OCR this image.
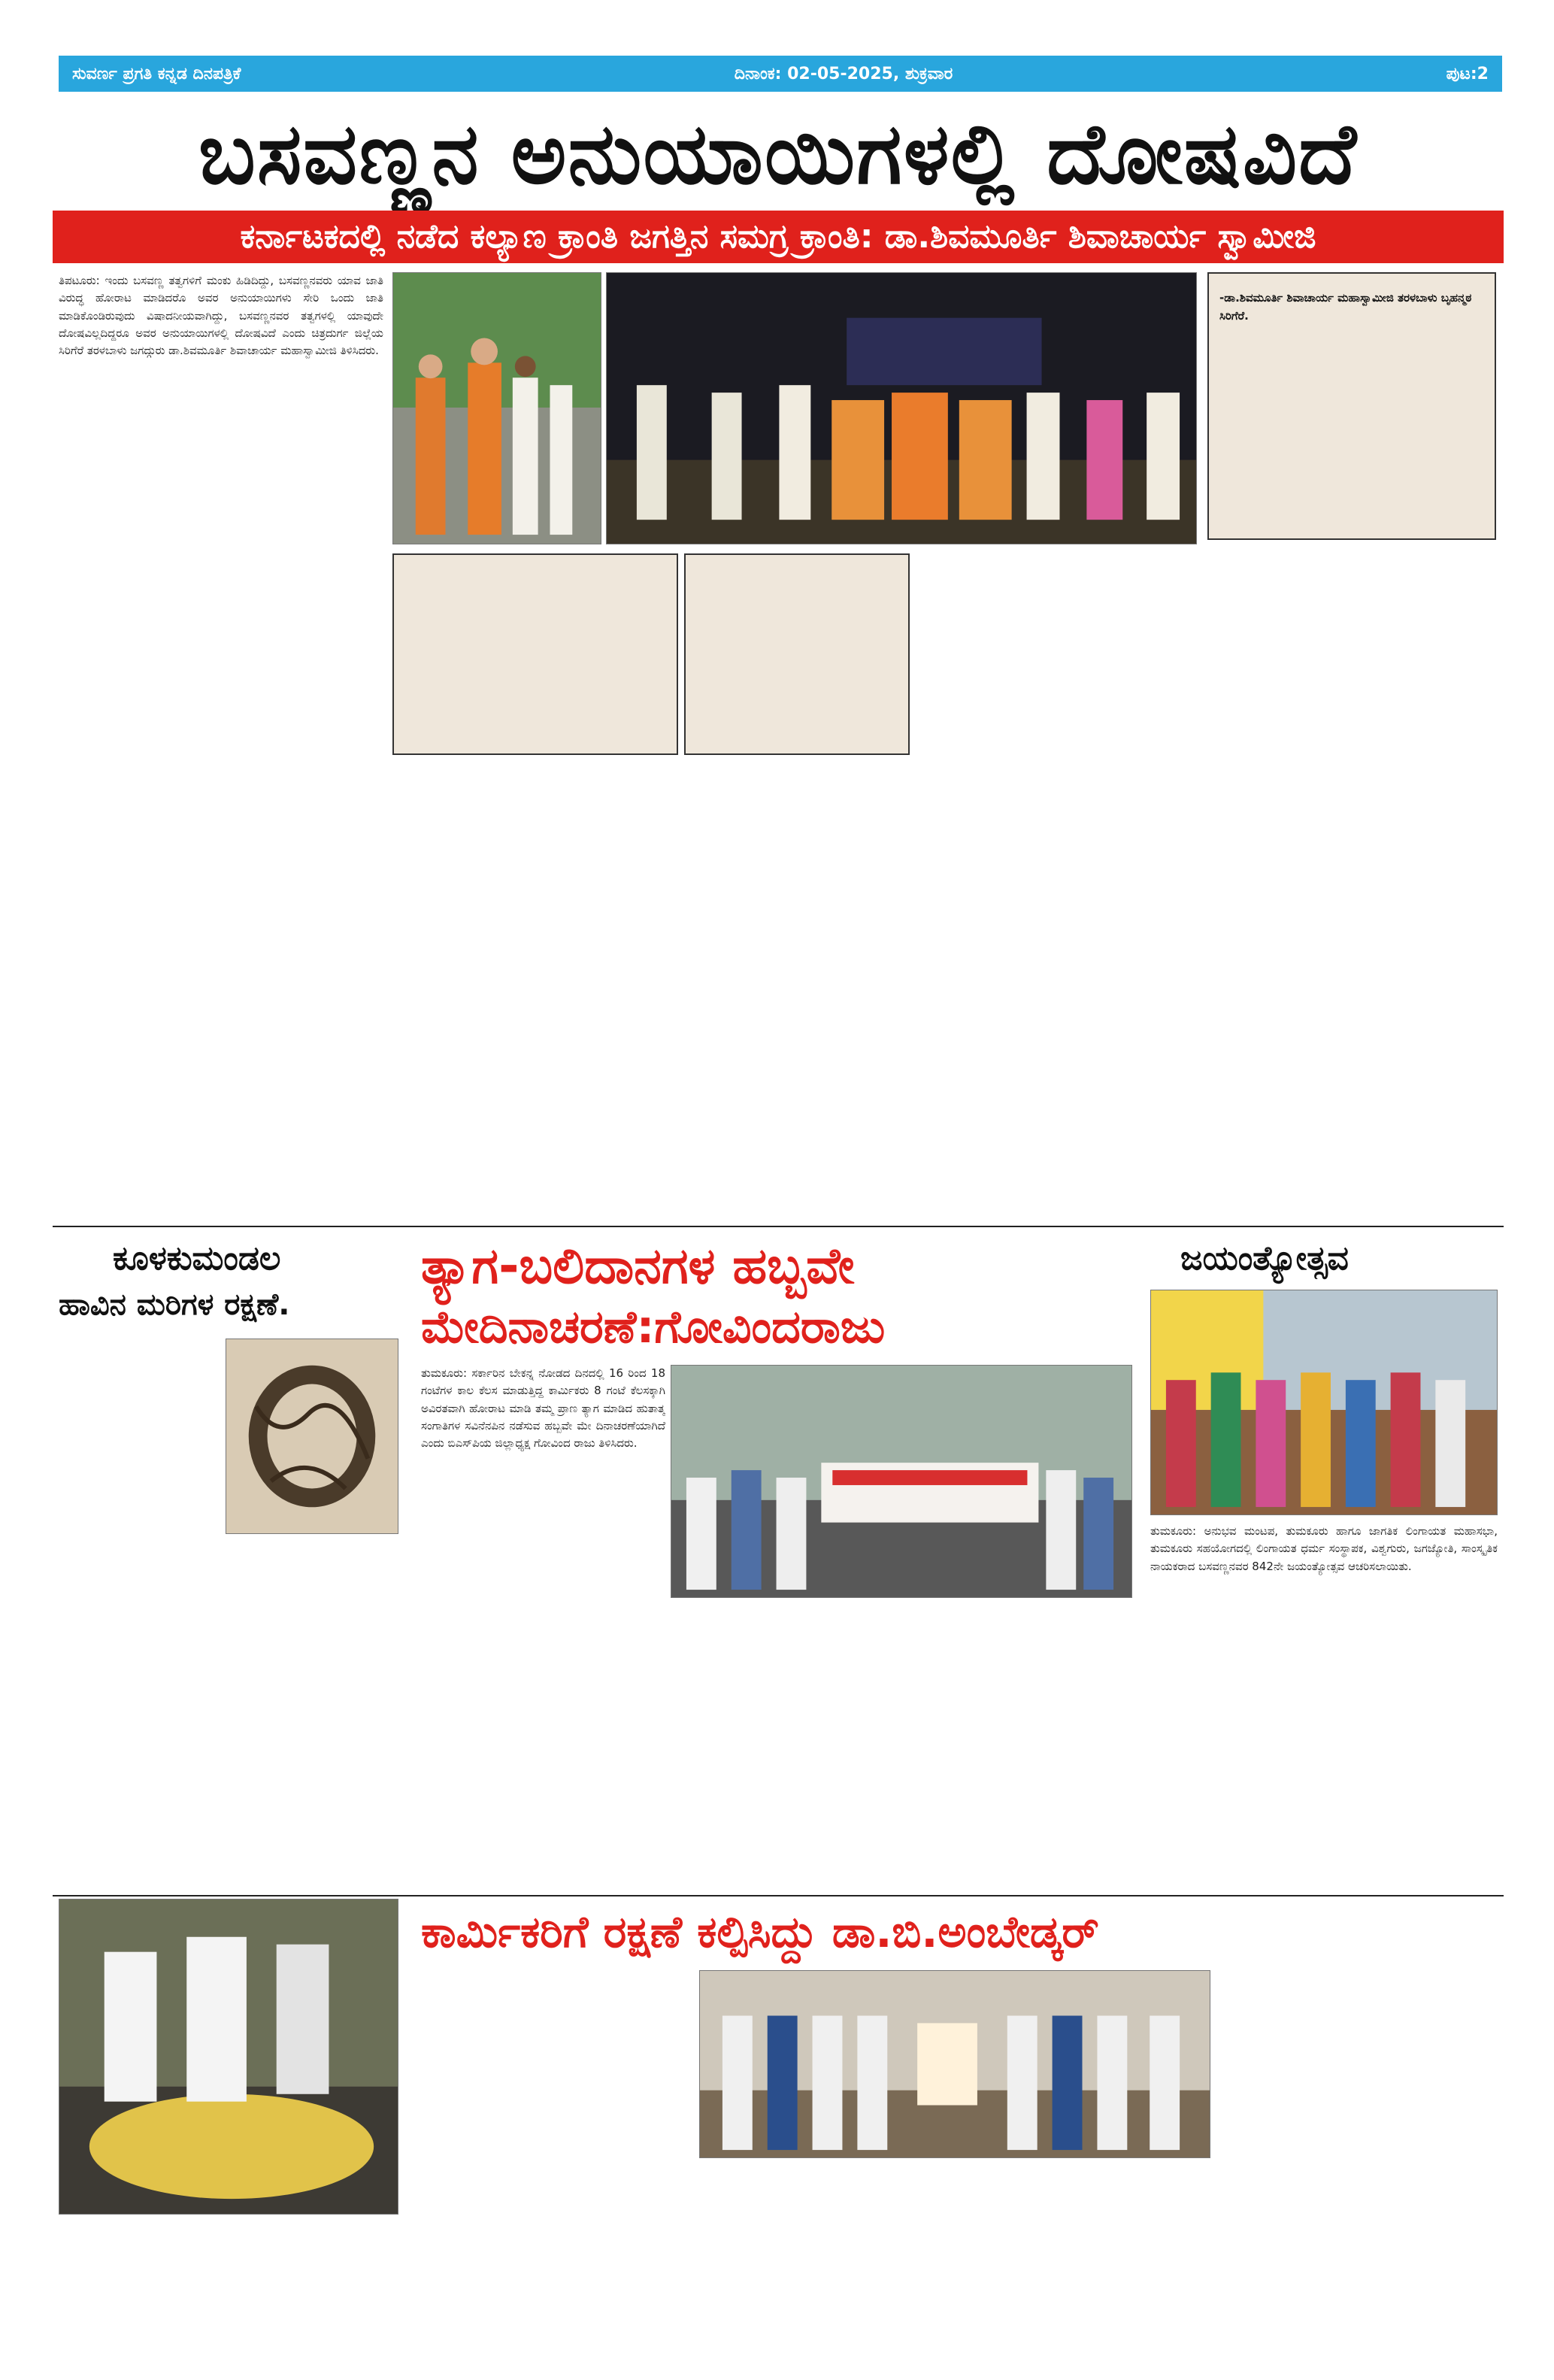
ಸುವರ್ಣ ಪ್ರಗತಿ ಕನ್ನಡ ದಿನಪತ್ರಿಕೆ	ದಿನಾಂಕ: 02-05-2025, ಶುಕ್ರವಾರ	ಪುಟ:2
ಬಸವಣ್ಣನ ಅನುಯಾಯಿಗಳಲ್ಲಿ ದೋಷವಿದೆ
ಕರ್ನಾಟಕದಲ್ಲಿ ನಡೆದ ಕಲ್ಯಾಣ ಕ್ರಾಂತಿ ಜಗತ್ತಿನ ಸಮಗ್ರ ಕ್ರಾಂತಿ: ಡಾ.ಶಿವಮೂರ್ತಿ ಶಿವಾಚಾರ್ಯ ಸ್ವಾಮೀಜಿ

ತಿಪಟೂರು: ಇಂದು ಬಸವಣ್ಣ ತತ್ವಗಳಿಗೆ ಮಂಕು ಹಿಡಿದಿದ್ದು, ಬಸವಣ್ಣನವರು ಯಾವ ಜಾತಿ ವಿರುದ್ಧ ಹೋರಾಟ ಮಾಡಿದರೊ ಅವರ ಅನುಯಾಯಿಗಳು ಸೇರಿ ಒಂದು ಜಾತಿ ಮಾಡಿಕೊಂಡಿರುವುದು ವಿಷಾದನೀಯವಾಗಿದ್ದು, ಬಸವಣ್ಣನವರ ತತ್ವಗಳಲ್ಲಿ ಯಾವುದೇ ದೋಷವಿಲ್ಲದಿದ್ದರೂ ಅವರ ಅನುಯಾಯಿಗಳಲ್ಲಿ ದೋಷವಿದೆ ಎಂದು ಚಿತ್ರದುರ್ಗ ಜಿಲ್ಲೆಯ ಸಿರಿಗೆರೆ ತರಳಬಾಳು ಜಗದ್ಗುರು ಡಾ.ಶಿವಮೂರ್ತಿ ಶಿವಾಚಾರ್ಯ ಮಹಾಸ್ವಾಮೀಜಿ ತಿಳಿಸಿದರು.

-ಡಾ.ಶಿವಮೂರ್ತಿ ಶಿವಾಚಾರ್ಯ ಮಹಾಸ್ವಾಮೀಜಿ ತರಳಬಾಳು ಬೃಹನ್ಮಠ ಸಿರಿಗೆರೆ.

ಕೂಳಕುಮಂಡಲ
ಹಾವಿನ ಮರಿಗಳ ರಕ್ಷಣೆ.

ತ್ಯಾಗ-ಬಲಿದಾನಗಳ ಹಬ್ಬವೇ
ಮೇದಿನಾಚರಣೆ:ಗೋವಿಂದರಾಜು

ತುಮಕೂರು: ಸರ್ಕಾರಿನ ಬೇಕನ್ನ ನೋಡದ ದಿನದಲ್ಲಿ 16 ರಿಂದ 18 ಗಂಟೆಗಳ ಕಾಲ ಕೆಲಸ ಮಾಡುತ್ತಿದ್ದ ಕಾರ್ಮಿಕರು 8 ಗಂಟೆ ಕೆಲಸಕ್ಕಾಗಿ ಅವಿರತವಾಗಿ ಹೋರಾಟ ಮಾಡಿ ತಮ್ಮ ಪ್ರಾಣ ತ್ಯಾಗ ಮಾಡಿದ ಹುತಾತ್ಮ ಸಂಗಾತಿಗಳ ಸವಿನೆನಪಿನ ನಡೆಸುವ ಹಬ್ಬವೇ ಮೇ ದಿನಾಚರಣೆಯಾಗಿದೆ ಎಂದು ಬಿಎಸ್‌ಪಿಯ ಜಿಲ್ಲಾಧ್ಯಕ್ಷ ಗೋವಿಂದ ರಾಜು ತಿಳಿಸಿದರು.

ಜಯಂತ್ಯೋತ್ಸವ

ತುಮಕೂರು: ಅನುಭವ ಮಂಟಪ, ತುಮಕೂರು ಹಾಗೂ ಜಾಗತಿಕ ಲಿಂಗಾಯತ ಮಹಾಸಭಾ, ತುಮಕೂರು ಸಹಯೋಗದಲ್ಲಿ ಲಿಂಗಾಯತ ಧರ್ಮ ಸಂಸ್ಥಾಪಕ, ವಿಶ್ವಗುರು, ಜಗಜ್ಯೋತಿ, ಸಾಂಸ್ಕೃತಿಕ ನಾಯಕರಾದ ಬಸವಣ್ಣನವರ 842ನೇ ಜಯಂತ್ಯೋತ್ಸವ ಆಚರಿಸಲಾಯಿತು.

ಕಾರ್ಮಿಕರಿಗೆ ರಕ್ಷಣೆ ಕಲ್ಪಿಸಿದ್ದು ಡಾ.ಬಿ.ಅಂಬೇಡ್ಕರ್
